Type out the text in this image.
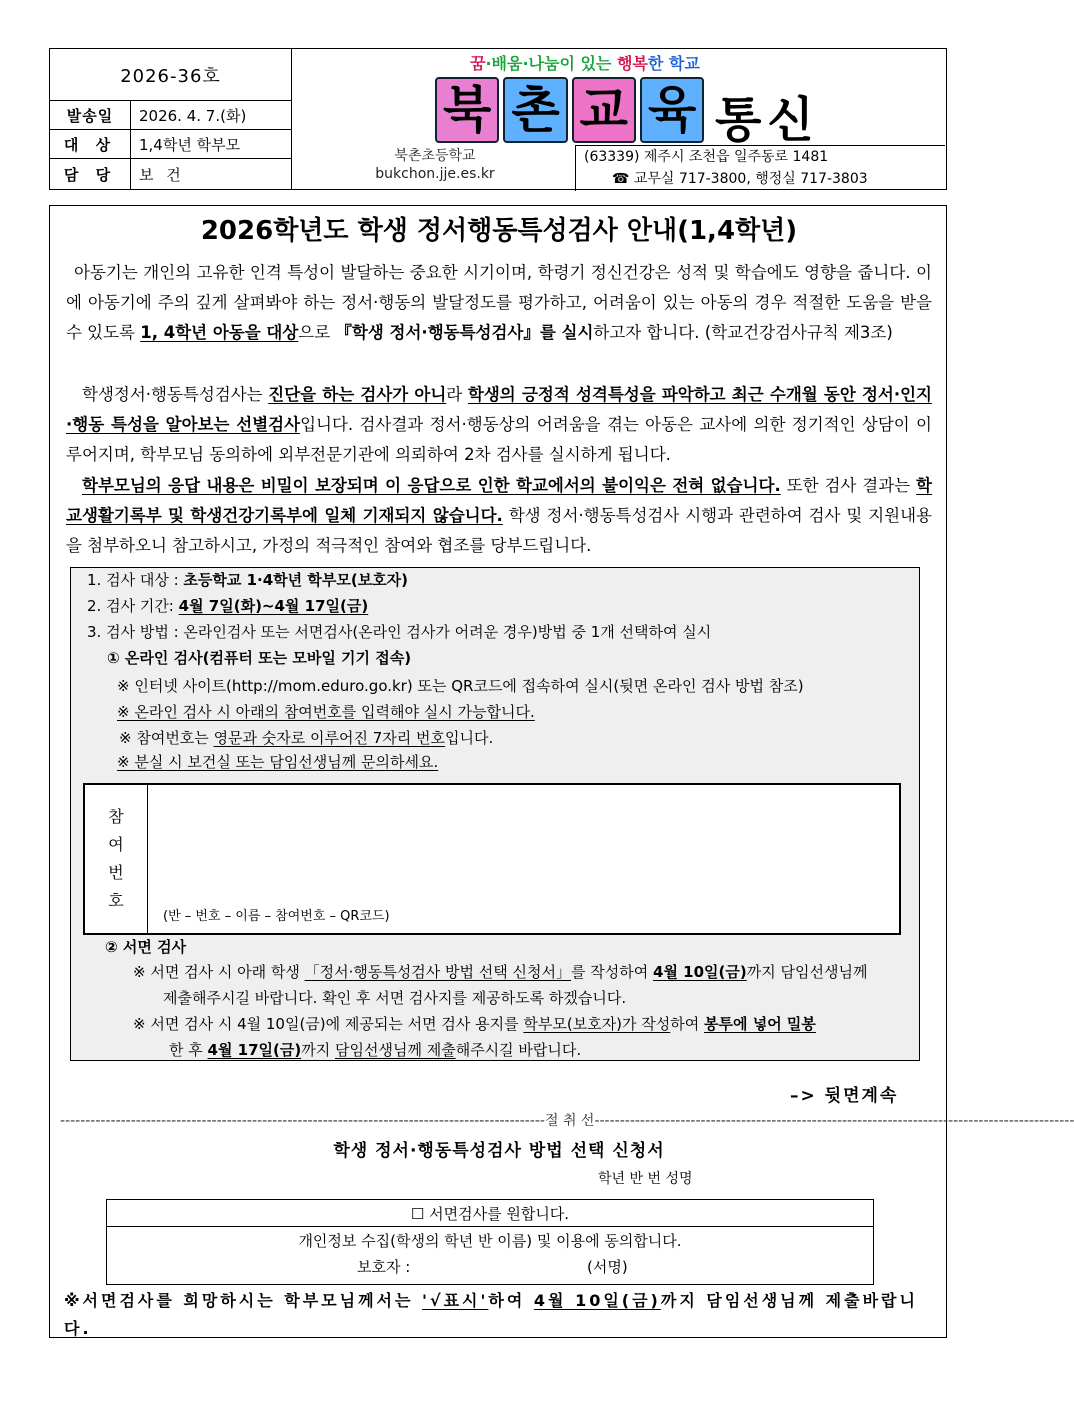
2026-36호
발송일	2026. 4. 7.(화)
대 상	1,4학년 학부모
담 당	보 건
꿈·배움·나눔이 있는 행복한 학교
북 촌 교 육 통신
북촌초등학교
bukchon.jje.es.kr
(63339) 제주시 조천읍 일주동로 1481
☎ 교무실 717-3800, 행정실 717-3803
2026학년도 학생 정서행동특성검사 안내(1,4학년)
아동기는 개인의 고유한 인격 특성이 발달하는 중요한 시기이며, 학령기 정신건강은 성적 및 학습에도 영향을 줍니다. 이에 아동기에 주의 깊게 살펴봐야 하는 정서·행동의 발달정도를 평가하고, 어려움이 있는 아동의 경우 적절한 도움을 받을 수 있도록 1, 4학년 아동을 대상으로 『학생 정서·행동특성검사』를 실시하고자 합니다. (학교건강검사규칙 제3조)
학생정서·행동특성검사는 진단을 하는 검사가 아니라 학생의 긍정적 성격특성을 파악하고 최근 수개월 동안 정서·인지·행동 특성을 알아보는 선별검사입니다. 검사결과 정서·행동상의 어려움을 겪는 아동은 교사에 의한 정기적인 상담이 이루어지며, 학부모님 동의하에 외부전문기관에 의뢰하여 2차 검사를 실시하게 됩니다.
학부모님의 응답 내용은 비밀이 보장되며 이 응답으로 인한 학교에서의 불이익은 전혀 없습니다. 또한 검사 결과는 학교생활기록부 및 학생건강기록부에 일체 기재되지 않습니다. 학생 정서·행동특성검사 시행과 관련하여 검사 및 지원내용을 첨부하오니 참고하시고, 가정의 적극적인 참여와 협조를 당부드립니다.
1. 검사 대상 : 초등학교 1·4학년 학부모(보호자)
2. 검사 기간: 4월 7일(화)~4월 17일(금)
3. 검사 방법 : 온라인검사 또는 서면검사(온라인 검사가 어려운 경우)방법 중 1개 선택하여 실시
① 온라인 검사(컴퓨터 또는 모바일 기기 접속)
※ 인터넷 사이트(http://mom.eduro.go.kr) 또는 QR코드에 접속하여 실시(뒷면 온라인 검사 방법 참조)
※ 온라인 검사 시 아래의 참여번호를 입력해야 실시 가능합니다.
※ 참여번호는 영문과 숫자로 이루어진 7자리 번호입니다.
※ 분실 시 보건실 또는 담임선생님께 문의하세요.
참
여
번
호
(반 – 번호 – 이름 – 참여번호 – QR코드)
② 서면 검사
※ 서면 검사 시 아래 학생 「정서·행동특성검사 방법 선택 신청서」를 작성하여 4월 10일(금)까지 담임선생님께
제출해주시길 바랍니다. 확인 후 서면 검사지를 제공하도록 하겠습니다.
※ 서면 검사 시 4월 10일(금)에 제공되는 서면 검사 용지를 학부모(보호자)가 작성하여 봉투에 넣어 밀봉
한 후 4월 17일(금)까지 담임선생님께 제출해주시길 바랍니다.
–> 뒷면계속
------------------------------------------------------------------------------------------------절 취 선-----------------------------------------------------------------------------------------------
학생 정서·행동특성검사 방법 선택 신청서
학년 반 번 성명
☐ 서면검사를 원합니다.
개인정보 수집(학생의 학년 반 이름) 및 이용에 동의합니다.
보호자 :	(서명)
※서면검사를 희망하시는 학부모님께서는 '√표시'하여 4월 10일(금)까지 담임선생님께 제출바랍니다.
